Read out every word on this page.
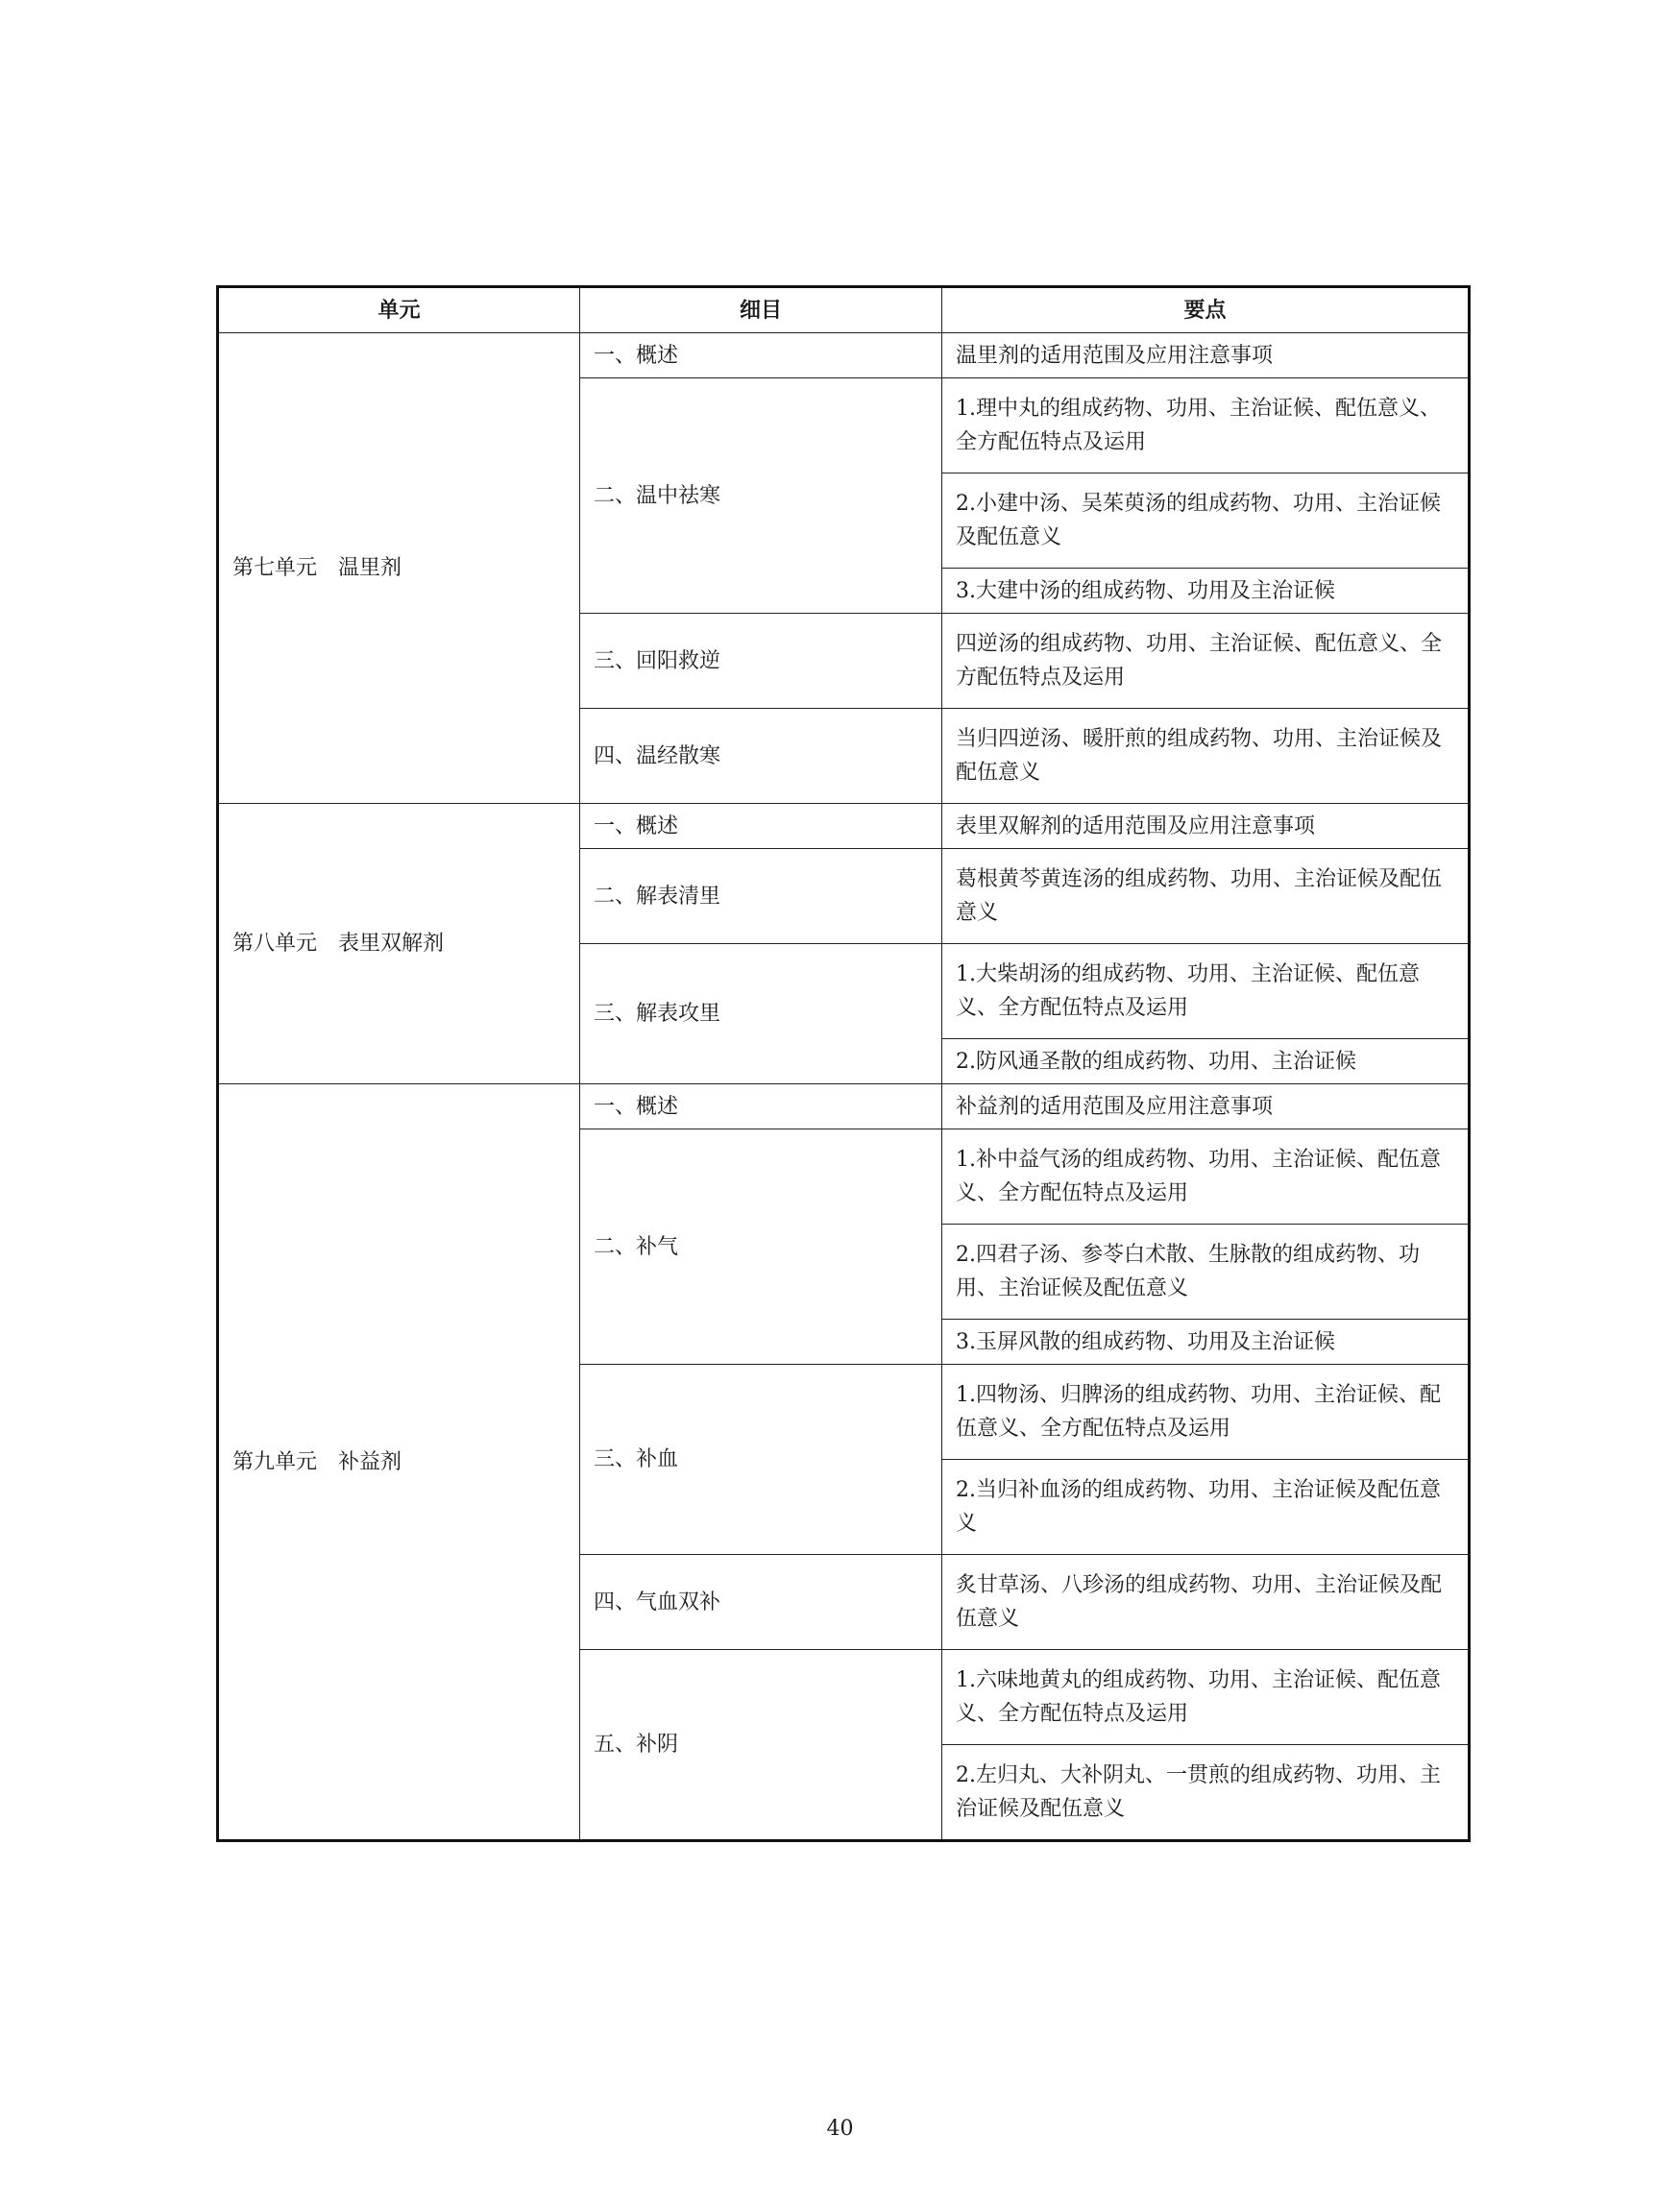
单元	细目	要点
第七单元　温里剂	一、概述	温里剂的适用范围及应用注意事项
	二、温中祛寒	1.理中丸的组成药物、功用、主治证候、配伍意义、全方配伍特点及运用
		2.小建中汤、吴茱萸汤的组成药物、功用、主治证候及配伍意义
		3.大建中汤的组成药物、功用及主治证候
	三、回阳救逆	四逆汤的组成药物、功用、主治证候、配伍意义、全方配伍特点及运用
	四、温经散寒	当归四逆汤、暖肝煎的组成药物、功用、主治证候及配伍意义
第八单元　表里双解剂	一、概述	表里双解剂的适用范围及应用注意事项
	二、解表清里	葛根黄芩黄连汤的组成药物、功用、主治证候及配伍意义
	三、解表攻里	1.大柴胡汤的组成药物、功用、主治证候、配伍意义、全方配伍特点及运用
		2.防风通圣散的组成药物、功用、主治证候
第九单元　补益剂	一、概述	补益剂的适用范围及应用注意事项
	二、补气	1.补中益气汤的组成药物、功用、主治证候、配伍意义、全方配伍特点及运用
		2.四君子汤、参苓白术散、生脉散的组成药物、功用、主治证候及配伍意义
		3.玉屏风散的组成药物、功用及主治证候
	三、补血	1.四物汤、归脾汤的组成药物、功用、主治证候、配伍意义、全方配伍特点及运用
		2.当归补血汤的组成药物、功用、主治证候及配伍意义
	四、气血双补	炙甘草汤、八珍汤的组成药物、功用、主治证候及配伍意义
	五、补阴	1.六味地黄丸的组成药物、功用、主治证候、配伍意义、全方配伍特点及运用
		2.左归丸、大补阴丸、一贯煎的组成药物、功用、主治证候及配伍意义
40
